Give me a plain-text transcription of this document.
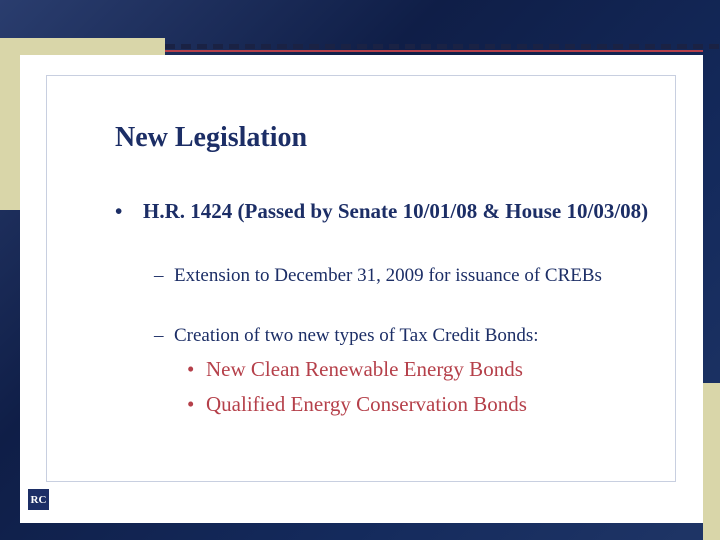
New Legislation
• H.R. 1424 (Passed by Senate 10/01/08 & House 10/03/08)
– Extension to December 31, 2009 for issuance of CREBs
– Creation of two new types of Tax Credit Bonds:
• New Clean Renewable Energy Bonds
• Qualified Energy Conservation Bonds
RC
